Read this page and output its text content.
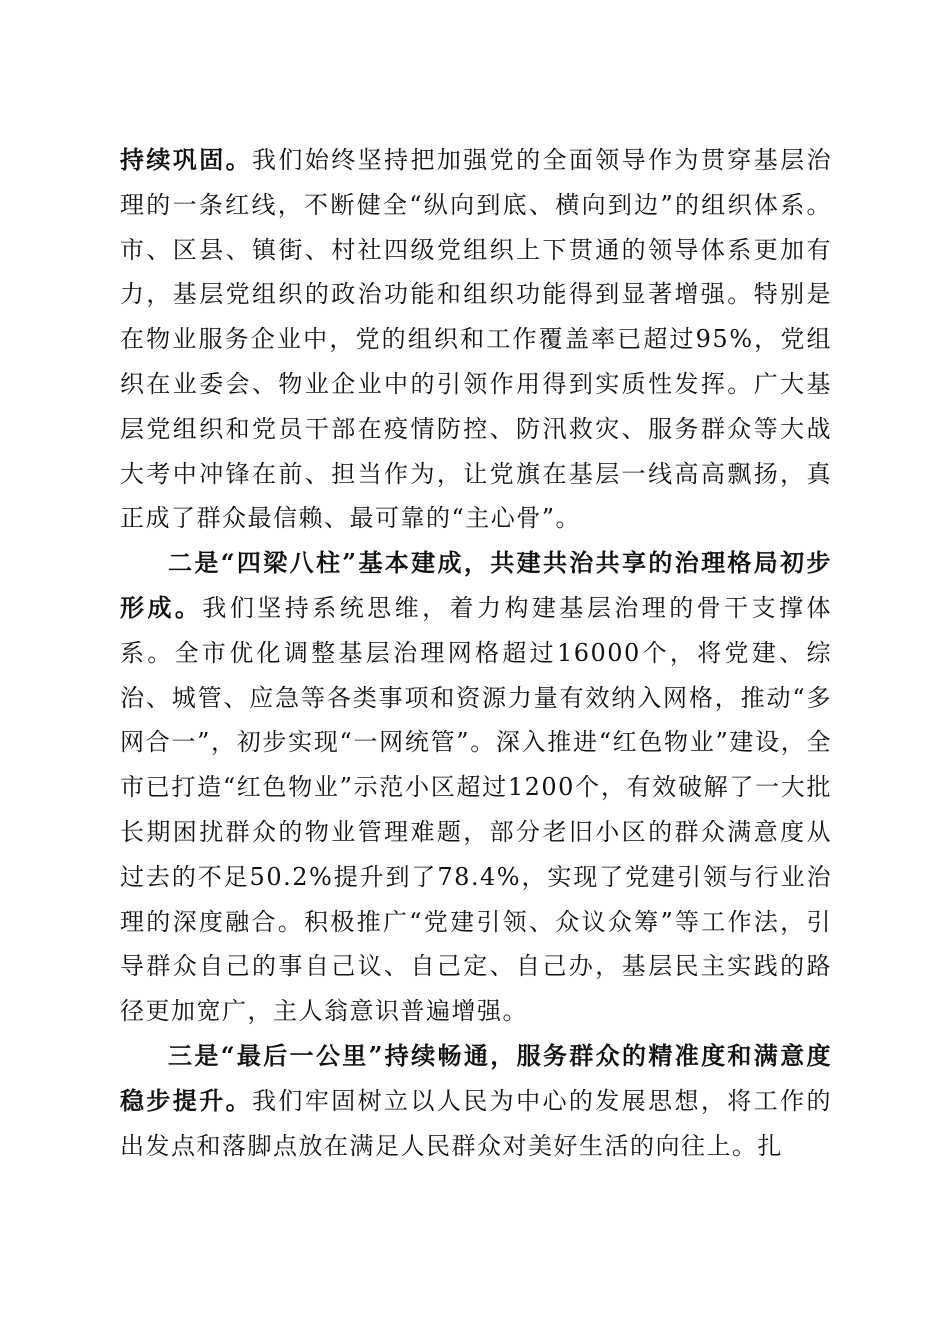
持续巩固。我们始终坚持把加强党的全面领导作为贯穿基层治理的一条红线，不断健全“纵向到底、横向到边”的组织体系。市、区县、镇街、村社四级党组织上下贯通的领导体系更加有力，基层党组织的政治功能和组织功能得到显著增强。特别是在物业服务企业中，党的组织和工作覆盖率已超过95%，党组织在业委会、物业企业中的引领作用得到实质性发挥。广大基层党组织和党员干部在疫情防控、防汛救灾、服务群众等大战大考中冲锋在前、担当作为，让党旗在基层一线高高飘扬，真正成了群众最信赖、最可靠的“主心骨”。

二是“四梁八柱”基本建成，共建共治共享的治理格局初步形成。我们坚持系统思维，着力构建基层治理的骨干支撑体系。全市优化调整基层治理网格超过16000个，将党建、综治、城管、应急等各类事项和资源力量有效纳入网格，推动“多网合一”，初步实现“一网统管”。深入推进“红色物业”建设，全市已打造“红色物业”示范小区超过1200个，有效破解了一大批长期困扰群众的物业管理难题，部分老旧小区的群众满意度从过去的不足50.2%提升到了78.4%，实现了党建引领与行业治理的深度融合。积极推广“党建引领、众议众筹”等工作法，引导群众自己的事自己议、自己定、自己办，基层民主实践的路径更加宽广，主人翁意识普遍增强。

三是“最后一公里”持续畅通，服务群众的精准度和满意度稳步提升。我们牢固树立以人民为中心的发展思想，将工作的出发点和落脚点放在满足人民群众对美好生活的向往上。扎
